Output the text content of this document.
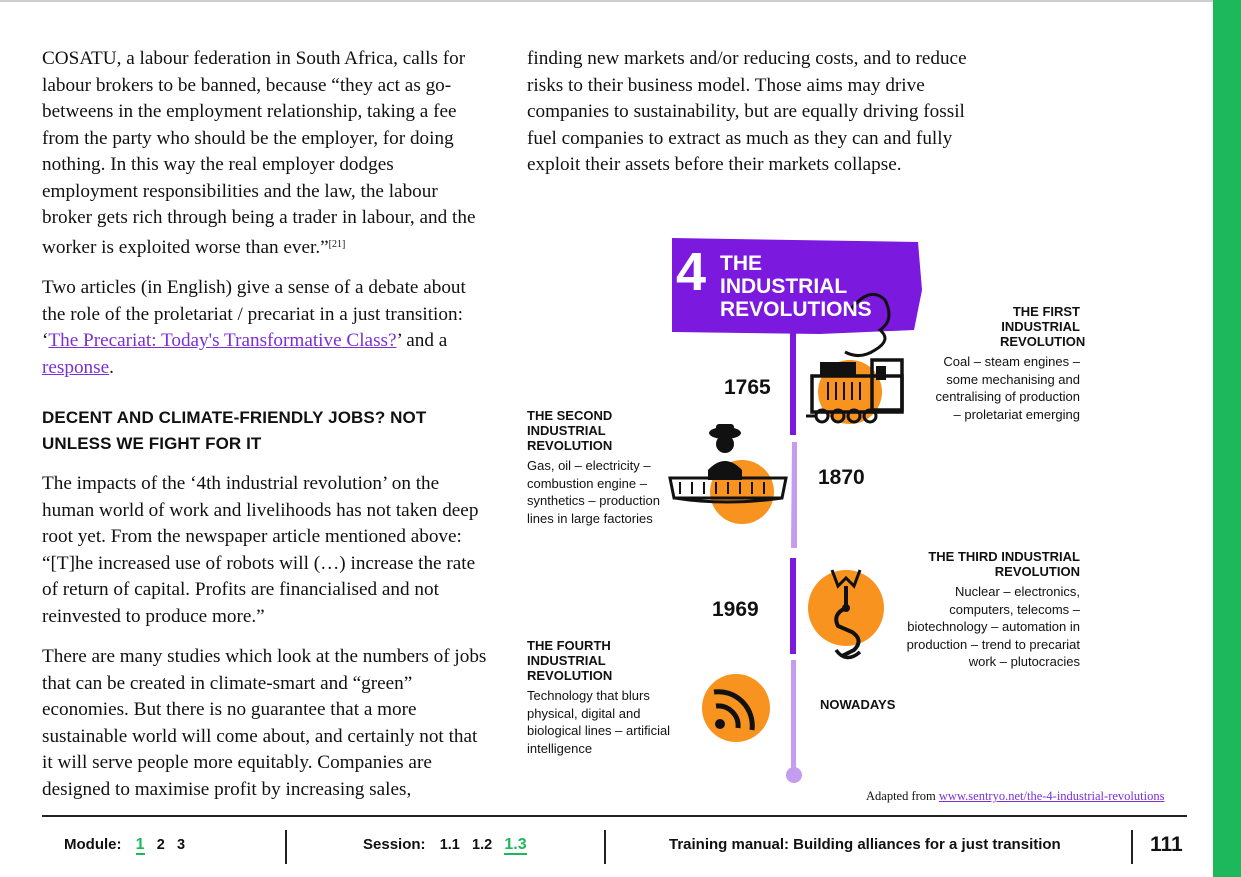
COSATU, a labour federation in South Africa, calls for labour brokers to be banned, because “they act as go-betweens in the employment relationship, taking a fee from the party who should be the employer, for doing nothing. In this way the real employer dodges employment responsibilities and the law, the labour broker gets rich through being a trader in labour, and the worker is exploited worse than ever.”[21]

Two articles (in English) give a sense of a debate about the role of the proletariat / precariat in a just transition: ‘The Precariat: Today's Transformative Class?’ and a response.

DECENT AND CLIMATE-FRIENDLY JOBS? NOT UNLESS WE FIGHT FOR IT

The impacts of the ‘4th industrial revolution’ on the human world of work and livelihoods has not taken deep root yet. From the newspaper article mentioned above: “[T]he increased use of robots will (…) increase the rate of return of capital. Profits are financialised and not reinvested to produce more.”

There are many studies which look at the numbers of jobs that can be created in climate-smart and “green” economies. But there is no guarantee that a more sustainable world will come about, and certainly not that it will serve people more equitably. Companies are designed to maximise profit by increasing sales,

finding new markets and/or reducing costs, and to reduce risks to their business model. Those aims may drive companies to sustainability, but are equally driving fossil fuel companies to extract as much as they can and fully exploit their assets before their markets collapse.

4 THE
INDUSTRIAL
REVOLUTIONS
1765
1870
1969
NOWADAYS
THE FIRST INDUSTRIAL REVOLUTION
Coal – steam engines – some mechanising and centralising of production – proletariat emerging
THE SECOND INDUSTRIAL REVOLUTION
Gas, oil – electricity – combustion engine – synthetics – production lines in large factories
THE THIRD INDUSTRIAL REVOLUTION
Nuclear – electronics, computers, telecoms – biotechnology – automation in production – trend to precariat work – plutocracies
THE FOURTH INDUSTRIAL REVOLUTION
Technology that blurs physical, digital and biological lines – artificial intelligence
Adapted from www.sentryo.net/the-4-industrial-revolutions
Module: 1 2 3	Session: 1.1 1.2 1.3	Training manual: Building alliances for a just transition	111
